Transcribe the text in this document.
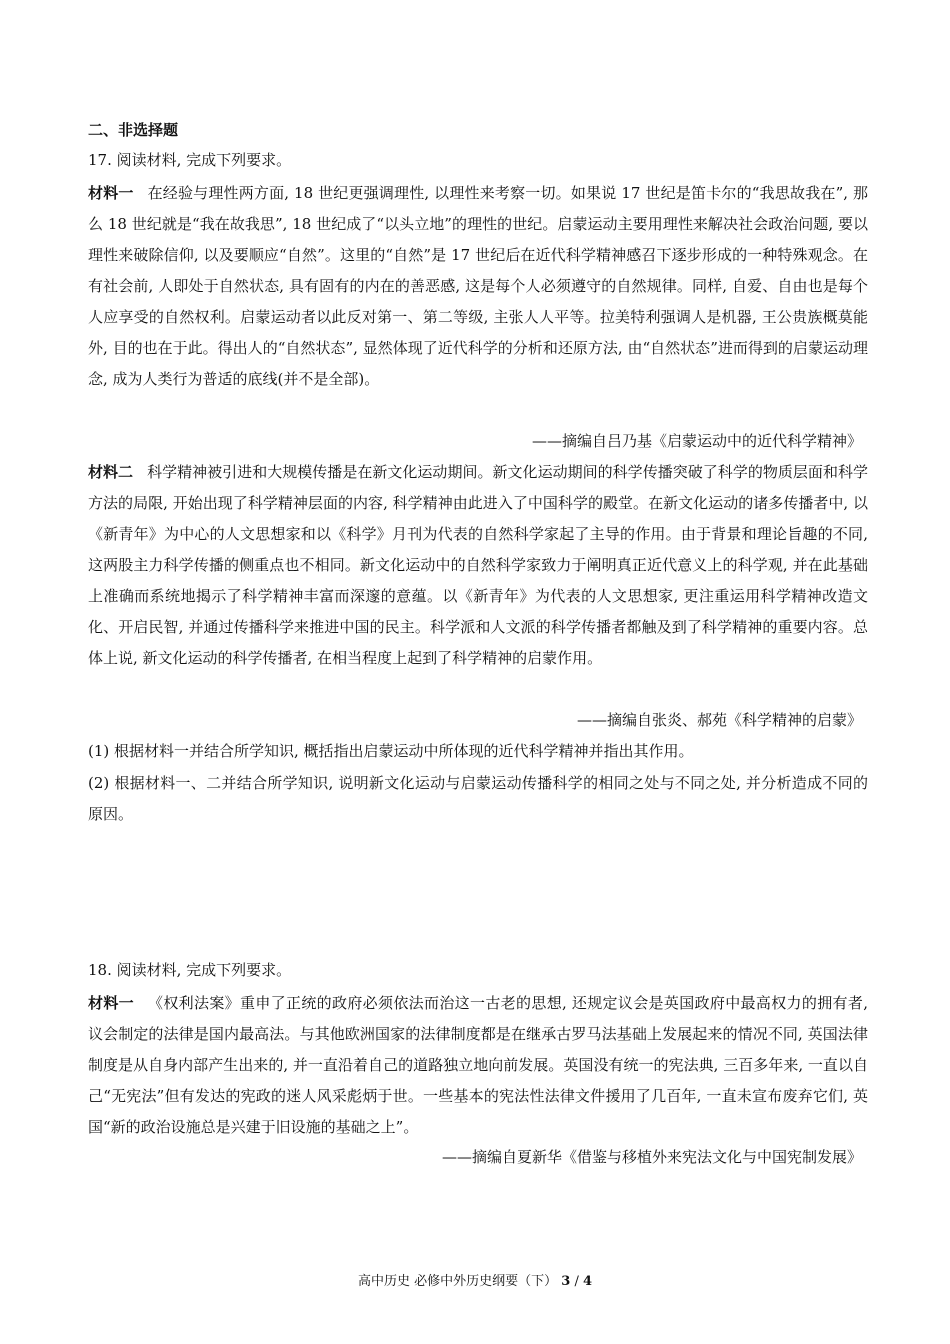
二、非选择题
17. 阅读材料, 完成下列要求。
材料一 在经验与理性两方面, 18 世纪更强调理性, 以理性来考察一切。如果说 17 世纪是笛卡尔的“我思故我在”, 那么 18 世纪就是“我在故我思”, 18 世纪成了“以头立地”的理性的世纪。启蒙运动主要用理性来解决社会政治问题, 要以理性来破除信仰, 以及要顺应“自然”。这里的“自然”是 17 世纪后在近代科学精神感召下逐步形成的一种特殊观念。在有社会前, 人即处于自然状态, 具有固有的内在的善恶感, 这是每个人必须遵守的自然规律。同样, 自爱、自由也是每个人应享受的自然权利。启蒙运动者以此反对第一、第二等级, 主张人人平等。拉美特利强调人是机器, 王公贵族概莫能外, 目的也在于此。得出人的“自然状态”, 显然体现了近代科学的分析和还原方法, 由“自然状态”进而得到的启蒙运动理念, 成为人类行为普适的底线(并不是全部)。
——摘编自吕乃基《启蒙运动中的近代科学精神》
材料二 科学精神被引进和大规模传播是在新文化运动期间。新文化运动期间的科学传播突破了科学的物质层面和科学方法的局限, 开始出现了科学精神层面的内容, 科学精神由此进入了中国科学的殿堂。在新文化运动的诸多传播者中, 以《新青年》为中心的人文思想家和以《科学》月刊为代表的自然科学家起了主导的作用。由于背景和理论旨趣的不同, 这两股主力科学传播的侧重点也不相同。新文化运动中的自然科学家致力于阐明真正近代意义上的科学观, 并在此基础上准确而系统地揭示了科学精神丰富而深邃的意蕴。以《新青年》为代表的人文思想家, 更注重运用科学精神改造文化、开启民智, 并通过传播科学来推进中国的民主。科学派和人文派的科学传播者都触及到了科学精神的重要内容。总体上说, 新文化运动的科学传播者, 在相当程度上起到了科学精神的启蒙作用。
——摘编自张炎、郝苑《科学精神的启蒙》
(1) 根据材料一并结合所学知识, 概括指出启蒙运动中所体现的近代科学精神并指出其作用。
(2) 根据材料一、二并结合所学知识, 说明新文化运动与启蒙运动传播科学的相同之处与不同之处, 并分析造成不同的原因。
18. 阅读材料, 完成下列要求。
材料一 《权利法案》重申了正统的政府必须依法而治这一古老的思想, 还规定议会是英国政府中最高权力的拥有者, 议会制定的法律是国内最高法。与其他欧洲国家的法律制度都是在继承古罗马法基础上发展起来的情况不同, 英国法律制度是从自身内部产生出来的, 并一直沿着自己的道路独立地向前发展。英国没有统一的宪法典, 三百多年来, 一直以自己“无宪法”但有发达的宪政的迷人风采彪炳于世。一些基本的宪法性法律文件援用了几百年, 一直未宣布废弃它们, 英国“新的政治设施总是兴建于旧设施的基础之上”。
——摘编自夏新华《借鉴与移植外来宪法文化与中国宪制发展》
高中历史 必修中外历史纲要（下） 3 / 4
